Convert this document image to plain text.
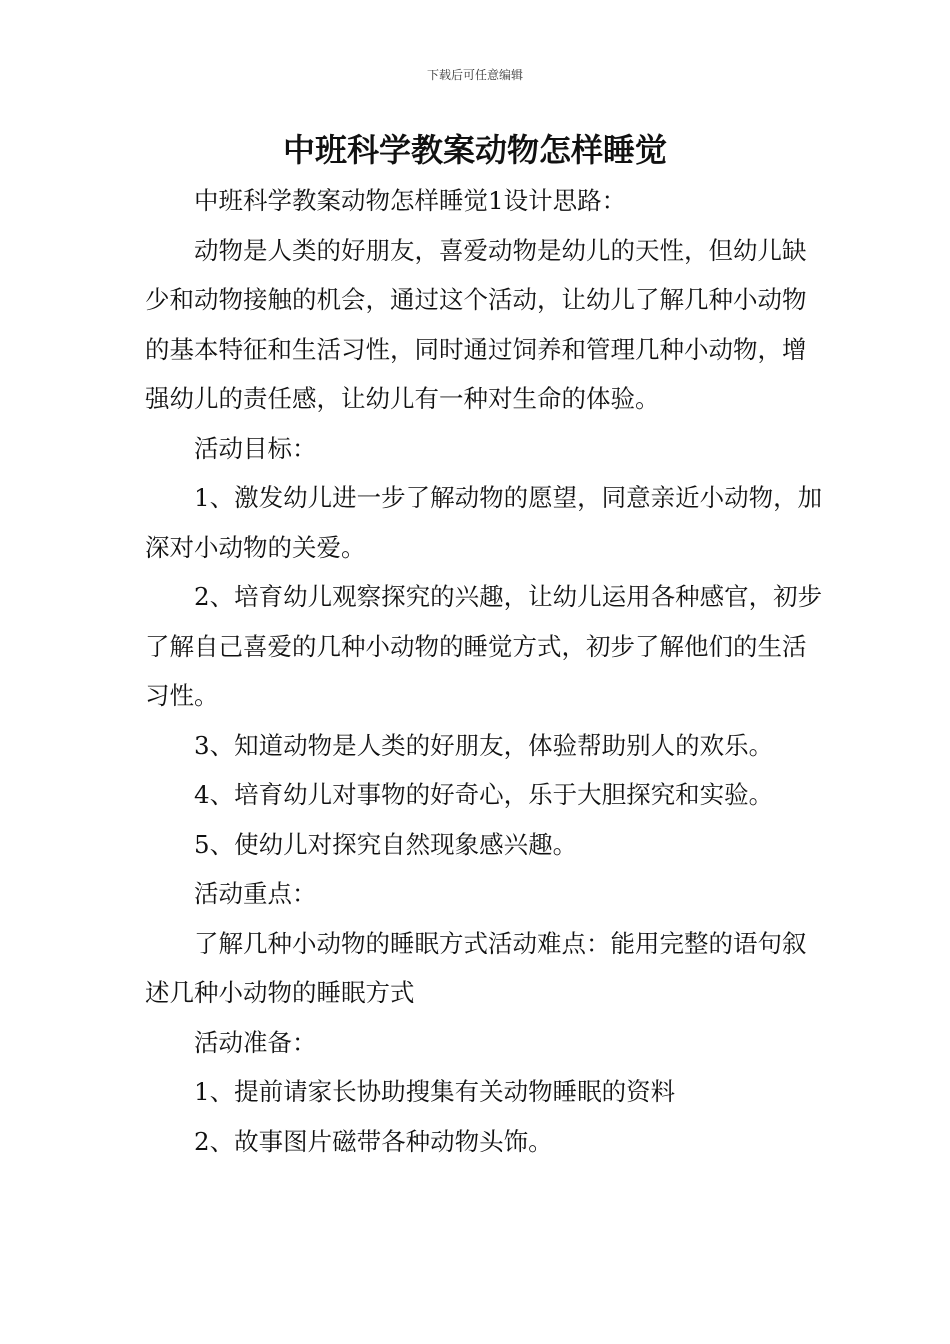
下载后可任意编辑
中班科学教案动物怎样睡觉

中班科学教案动物怎样睡觉1设计思路：

动物是人类的好朋友，喜爱动物是幼儿的天性，但幼儿缺少和动物接触的机会，通过这个活动，让幼儿了解几种小动物的基本特征和生活习性，同时通过饲养和管理几种小动物，增强幼儿的责任感，让幼儿有一种对生命的体验。

活动目标：

1、激发幼儿进一步了解动物的愿望，同意亲近小动物，加深对小动物的关爱。

2、培育幼儿观察探究的兴趣，让幼儿运用各种感官，初步了解自己喜爱的几种小动物的睡觉方式，初步了解他们的生活习性。

3、知道动物是人类的好朋友，体验帮助别人的欢乐。

4、培育幼儿对事物的好奇心，乐于大胆探究和实验。

5、使幼儿对探究自然现象感兴趣。

活动重点：

了解几种小动物的睡眠方式活动难点：能用完整的语句叙述几种小动物的睡眠方式

活动准备：

1、提前请家长协助搜集有关动物睡眠的资料

2、故事图片磁带各种动物头饰。
